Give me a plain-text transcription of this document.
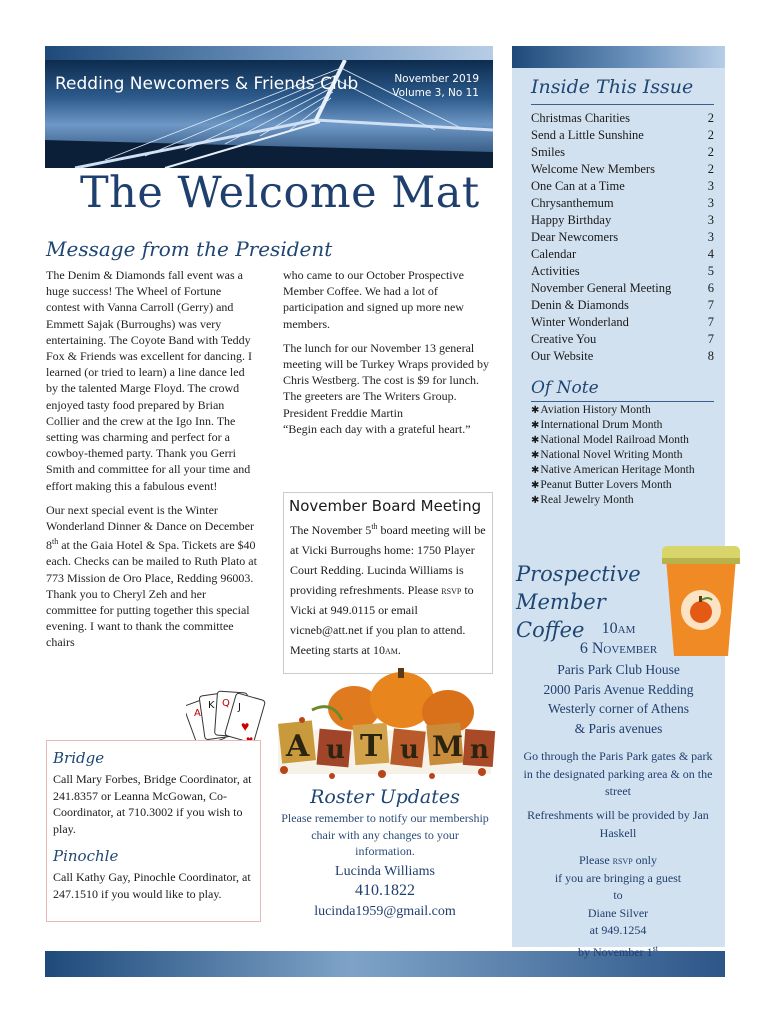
Redding Newcomers & Friends Club	November 2019
Volume 3, No 11
The Welcome Mat
Message from the President

The Denim & Diamonds fall event was a huge success! The Wheel of Fortune contest with Vanna Carroll (Gerry) and Emmett Sajak (Burroughs) was very entertaining. The Coyote Band with Teddy Fox & Friends was excellent for dancing. I learned (or tried to learn) a line dance led by the talented Marge Floyd. The crowd enjoyed tasty food prepared by Brian Collier and the crew at the Igo Inn. The setting was charming and perfect for a cowboy-themed party. Thank you Gerri Smith and committee for all your time and effort making this a fabulous event!

Our next special event is the Winter Wonderland Dinner & Dance on December 8th at the Gaia Hotel & Spa. Tickets are $40 each. Checks can be mailed to Ruth Plato at 773 Mission de Oro Place, Redding 96003. Thank you to Cheryl Zeh and her committee for putting together this special evening. I want to thank the committee chairs

who came to our October Prospective Member Coffee. We had a lot of participation and signed up more new members.

The lunch for our November 13 general meeting will be Turkey Wraps provided by Chris Westberg. The cost is $9 for lunch. The greeters are The Writers Group.
President Freddie Martin
“Begin each day with a grateful heart.”

November Board Meeting
The November 5th board meeting will be at Vicki Burroughs home: 1750 Player Court Redding. Lucinda Williams is providing refreshments. Please rsvp to Vicki at 949.0115 or email vicneb@att.net if you plan to attend. Meeting starts at 10am.
A
K Q J
♥
Bridge
Call Mary Forbes, Bridge Coordinator, at 241.8357 or Leanna McGowan, Co-Coordinator, at 710.3002 if you wish to play.
Pinochle
Call Kathy Gay, Pinochle Coordinator, at 247.1510 if you would like to play.
A u T u M n
Roster Updates
Please remember to notify our membership chair with any changes to your information.
Lucinda Williams
410.1822
lucinda1959@gmail.com
Inside This Issue
Christmas Charities	2
Send a Little Sunshine	2
Smiles	2
Welcome New Members	2
One Can at a Time	3
Chrysanthemum	3
Happy Birthday	3
Dear Newcomers	3
Calendar	4
Activities	5
November General Meeting	6
Denin & Diamonds	7
Winter Wonderland	7
Creative You	7
Our Website	8
Of Note
✱Aviation History Month
✱International Drum Month
✱National Model Railroad Month
✱National Novel Writing Month
✱Native American Heritage Month
✱Peanut Butter Lovers Month
✱Real Jewelry Month
Prospective
Member Coffee	10am
6 November
Paris Park Club House
2000 Paris Avenue Redding
Westerly corner of Athens
& Paris avenues
Go through the Paris Park gates & park in the designated parking area & on the street
Refreshments will be provided by Jan Haskell
Please rsvp only
if you are bringing a guest
to
Diane Silver
at 949.1254
by November 1st
